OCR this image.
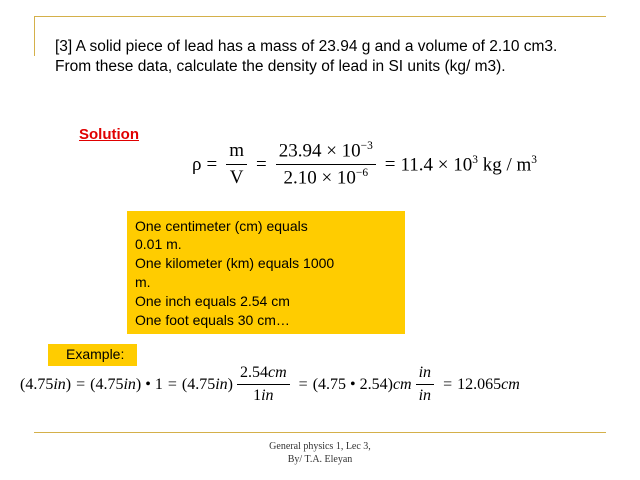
[3] A solid piece of lead has a mass of 23.94 g and a volume of 2.10 cm3.
From these data, calculate the density of lead in SI units (kg/ m3).
Solution
$\rho = \frac{m}{V} = \frac{23.94 \times 10^{-3}}{2.10 \times 10^{-6}} = 11.4 \times 10^3$ kg / $m^3$
One centimeter (cm) equals
0.01 m.
One kilometer (km) equals 1000
m.
One inch equals 2.54 cm
One foot equals 30 cm…
Example:
(4.75in) = (4.75in) • $1 = (4.75in) \frac{2.54cm}{1in} = (4.75$ • $2.54)cm \frac{in}{in} = 12.065cm$
General physics 1, Lec 3,
By/ T.A. Eleyan
